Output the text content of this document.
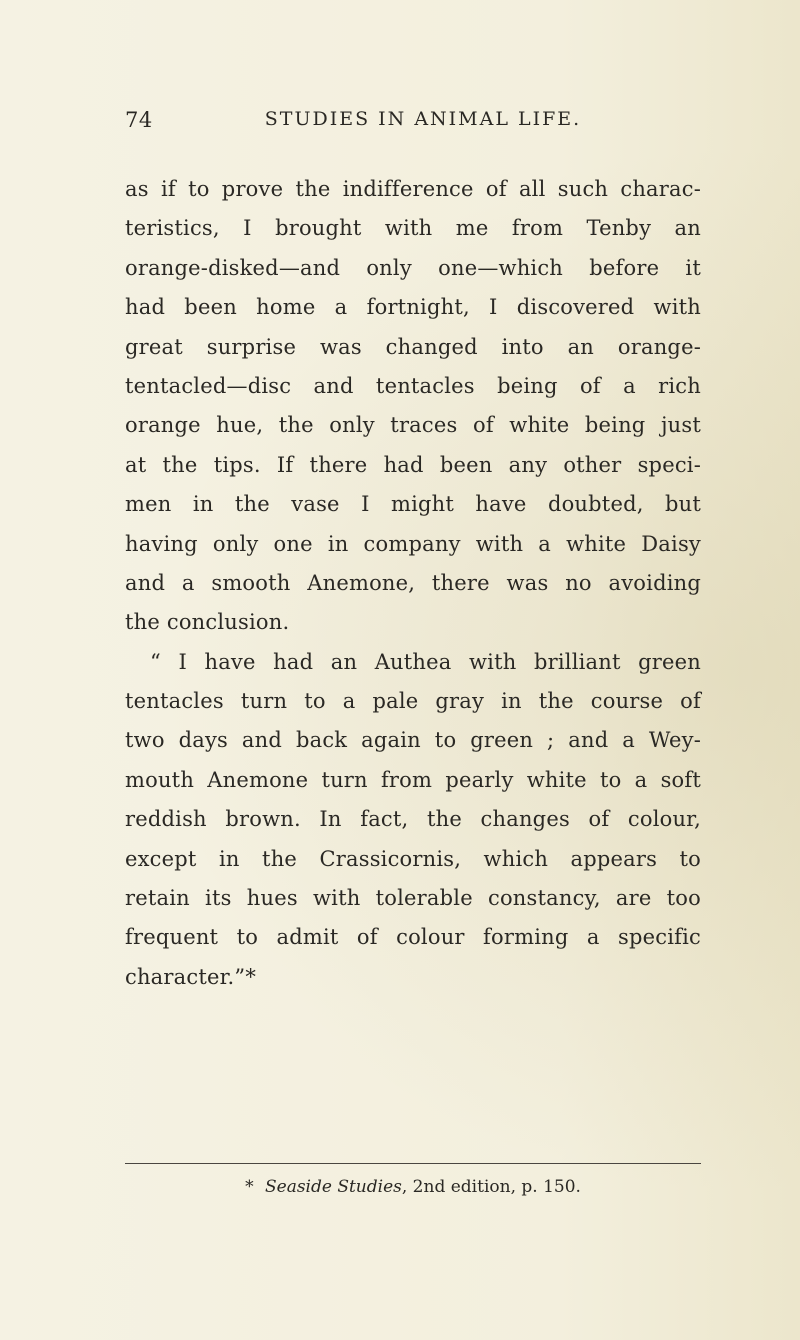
74	STUDIES IN ANIMAL LIFE.
as if to prove the indifference of all such charac-
teristics, I brought with me from Tenby an
orange-disked—and only one—which before it
had been home a fortnight, I discovered with
great surprise was changed into an orange-
tentacled—disc and tentacles being of a rich
orange hue, the only traces of white being just
at the tips. If there had been any other speci-
men in the vase I might have doubted, but
having only one in company with a white Daisy
and a smooth Anemone, there was no avoiding
the conclusion.
“ I have had an Authea with brilliant green
tentacles turn to a pale gray in the course of
two days and back again to green ; and a Wey-
mouth Anemone turn from pearly white to a soft
reddish brown. In fact, the changes of colour,
except in the Crassicornis, which appears to
retain its hues with tolerable constancy, are too
frequent to admit of colour forming a specific
character.”*
* Seaside Studies, 2nd edition, p. 150.
